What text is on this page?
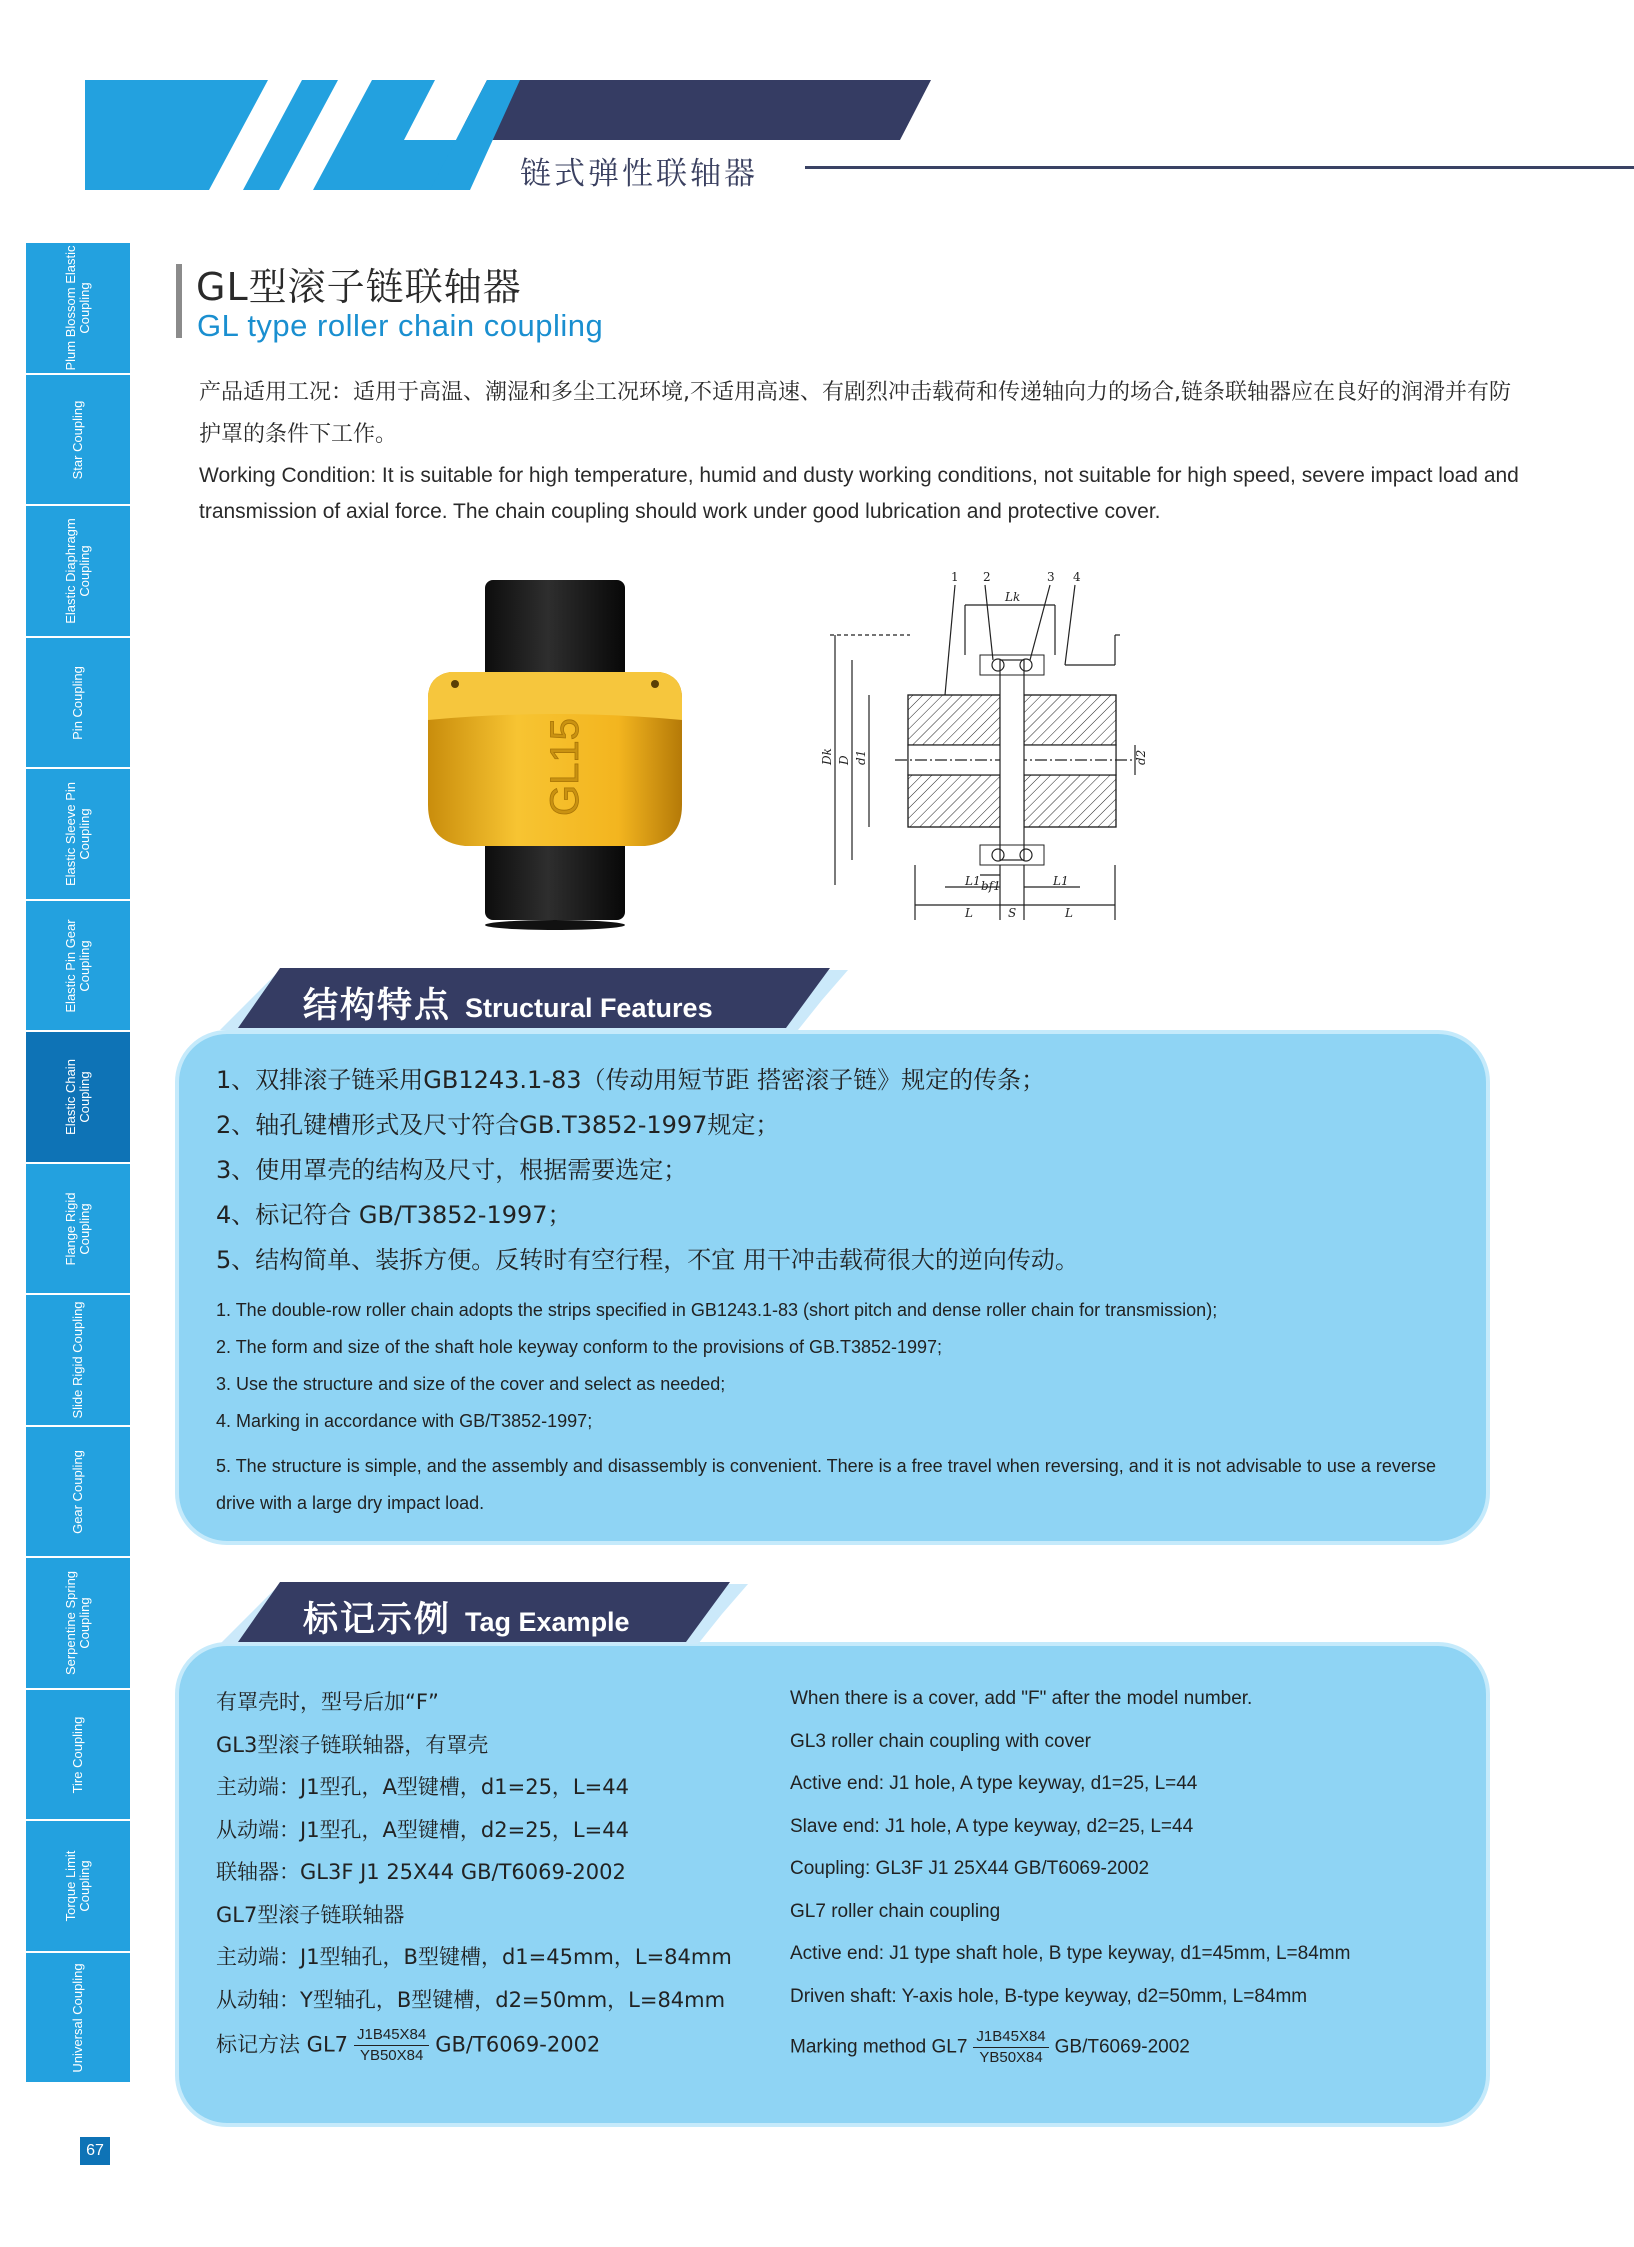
链式弹性联轴器
Plum Blossom Elastic Coupling
Star Coupling
Elastic Diaphragm Coupling
Pin Coupling
Elastic Sleeve Pin Coupling
Elastic Pin Gear Coupling
Elastic Chain Coupling
Flange Rigid Coupling
Slide Rigid Coupling
Gear Coupling
Serpentine Spring Coupling
Tire Coupling
Torque Limit Coupling
Universal Coupling
67
GL型滚子链联轴器
GL type roller chain coupling
产品适用工况：适用于高温、潮湿和多尘工况环境,不适用高速、有剧烈冲击载荷和传递轴向力的场合,链条联轴器应在良好的润滑并有防护罩的条件下工作。
Working Condition: It is suitable for high temperature, humid and dusty working conditions, not suitable for high speed, severe impact load and transmission of axial force. The chain coupling should work under good lubrication and protective cover.
GL15
1 2	3 4
Lk
Dk D d1	d2
bf1
L1	L1
L	S	L
结构特点 Structural Features
1、双排滚子链采用GB1243.1-83（传动用短节距 搭密滚子链》规定的传条；
2、轴孔键槽形式及尺寸符合GB.T3852-1997规定；
3、使用罩壳的结构及尺寸，根据需要选定；
4、标记符合 GB/T3852-1997；
5、结构简单、装拆方便。反转时有空行程，不宜 用干冲击载荷很大的逆向传动。
1. The double-row roller chain adopts the strips specified in GB1243.1-83 (short pitch and dense roller chain for transmission);
2. The form and size of the shaft hole keyway conform to the provisions of GB.T3852-1997;
3. Use the structure and size of the cover and select as needed;
4. Marking in accordance with GB/T3852-1997;
5. The structure is simple, and the assembly and disassembly is convenient. There is a free travel when reversing, and it is not advisable to use a reverse drive with a large dry impact load.
标记示例 Tag Example
有罩壳时，型号后加“F”
GL3型滚子链联轴器，有罩壳
主动端：J1型孔，A型键槽，d1=25，L=44
从动端：J1型孔，A型键槽，d2=25，L=44
联轴器：GL3F J1 25X44 GB/T6069-2002
GL7型滚子链联轴器
主动端：J1型轴孔，B型键槽，d1=45mm，L=84mm
从动轴：Y型轴孔，B型键槽，d2=50mm，L=84mm
标记方法 $GL7 \frac{J1B45X84}{YB50X84} GB/T6069-2002$
When there is a cover, add "F" after the model number.
GL3 roller chain coupling with cover
Active end: J1 hole, A type keyway, d1=25, L=44
Slave end: J1 hole, A type keyway, d2=25, L=44
Coupling: GL3F J1 25X44 GB/T6069-2002
GL7 roller chain coupling
Active end: J1 type shaft hole, B type keyway, d1=45mm, L=84mm
Driven shaft: Y-axis hole, B-type keyway, d2=50mm, L=84mm
Marking method $GL7 \frac{J1B45X84}{YB50X84} GB/T6069-2002$
